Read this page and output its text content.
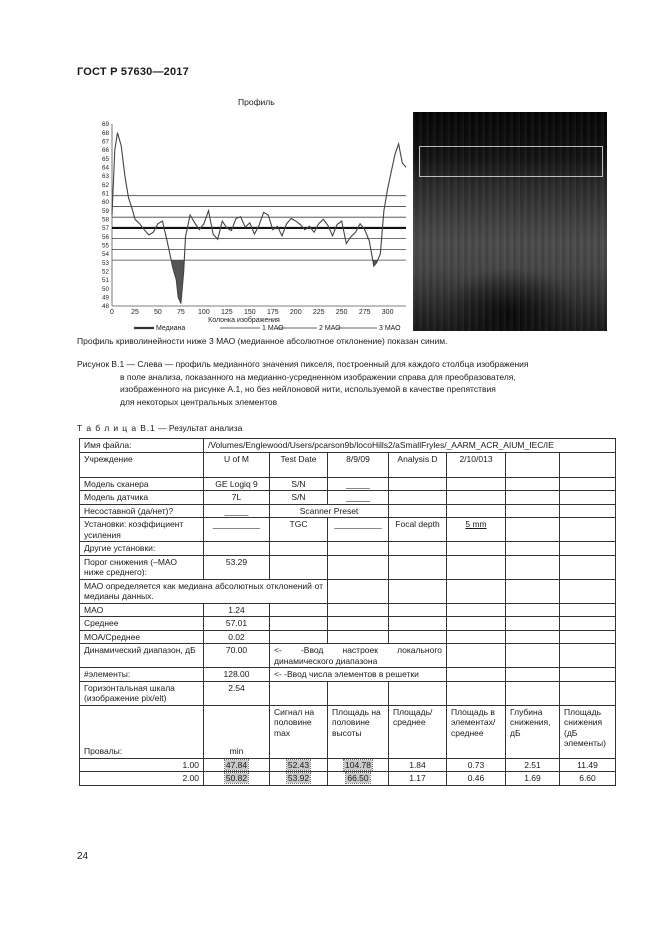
ГОСТ Р 57630—2017
Профиль
69
68
67
66
65
64
63
62
61
60
59
58
57
56
55
54
53
52
51
50
49
48
0 25 50 75 100 125 150 175 200 225 250 275 300
Колонка изображения
Медиана	1 МАО	2 МАО	3 МАО
Профиль криволинейности ниже 3 МАО (медианное абсолютное отклонение) показан синим.
Рисунок В.1 — Слева — профиль медианного значения пикселя, построенный для каждого столбца изображения
в поле анализа, показанного на медианно-усредненном изображении справа для преобразователя,
изображенного на рисунке А.1, но без нейлоновой нити, используемой в качестве препятствия
для некоторых центральных элементов
Т а б л и ц а В.1 — Результат анализа
Имя файла:	/Volumes/Englewood/Users/pcarson9b/locoHills2/aSmallFryles/_AARM_ACR_AIUM_IEC/IE						
Учреждение	U of M	Test Date	8/9/09	Analysis D	2/10/013		
Модель сканера	GE Logiq 9	S/N	_____				
Модель датчика	7L	S/N	_____				
Несоставной (да/нет)?	_____	Scanner Preset					
Установки: коэффициент усиления	__________	TGC	__________	Focal depth	5 mm		
Другие установки:							
Порог снижения (–МАО ниже среднего):	53.29						
МАО определяется как медиана абсолютных отклонений от медианы данных.							
МАО	1.24						
Среднее	57.01						
МОА/Среднее	0.02						
Динамический диапазон, дБ	70.00	<- -Ввод настроек локального динамического диапазона					
#элементы:	128.00	<- -Ввод числа элементов в решетки					
Горизонтальная шкала (изображение pix/elt)	2.54						
Провалы:	min	Сигнал на половине max	Площадь на половине высоты	Площадь/среднее	Площадь в элементах/среднее	Глубина снижения, дБ	Площадь снижения (дБ элементы)
1.00	47.84	52.43	104.78	1.84	0.73	2.51	11.49
2.00	50.82	53.92	66.50	1.17	0.46	1.69	6.60
24
